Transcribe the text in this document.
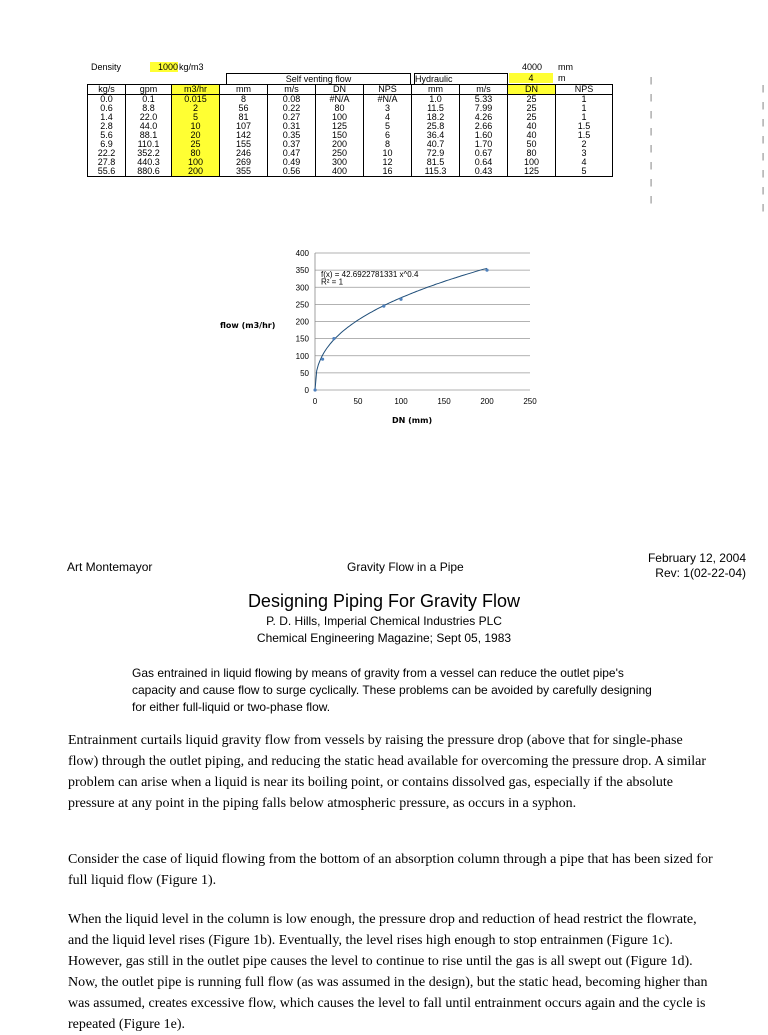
Density	1000 kg/m3	4000 mm
4	m
Self venting flow	Hydraulic
kg/s	gpm	m3/hr	mm	m/s	DN	NPS	mm	m/s	DN	NPS
0.0	0.1	0.015	8	0.08	#N/A	#N/A	1.0	5.33	25	1
0.6	8.8	2	56	0.22	80	3	11.5	7.99	25	1
1.4	22.0	5	81	0.27	100	4	18.2	4.26	25	1
2.8	44.0	10	107	0.31	125	5	25.8	2.66	40	1.5
5.6	88.1	20	142	0.35	150	6	36.4	1.60	40	1.5
6.9	110.1	25	155	0.37	200	8	40.7	1.70	50	2
22.2	352.2	80	246	0.47	250	10	72.9	0.67	80	3
27.8	440.3	100	269	0.49	300	12	81.5	0.64	100	4
55.6	880.6	200	355	0.56	400	16	115.3	0.43	125	5
|
|
|
|
|
|
|
|
|
|
|
|
|
|
|
|
flow (m3/hr)
DN (mm)
0
50
100
150
200
250
300
350
400
0	50	100	150	200	250
f(x) = 42.6922781331 x^0.4
R² = 1
Art Montemayor	Gravity Flow in a Pipe
February 12, 2004
Rev: 1(02-22-04)
Designing Piping For Gravity Flow
P. D. Hills, Imperial Chemical Industries PLC
Chemical Engineering Magazine; Sept 05, 1983
Gas entrained in liquid flowing by means of gravity from a vessel can reduce the outlet pipe's capacity and cause flow to surge cyclically. These problems can be avoided by carefully designing for either full-liquid or two-phase flow.
Entrainment curtails liquid gravity flow from vessels by raising the pressure drop (above that for single-phase flow) through the outlet piping, and reducing the static head available for overcoming the pressure drop. A similar problem can arise when a liquid is near its boiling point, or contains dissolved gas, especially if the absolute pressure at any point in the piping falls below atmospheric pressure, as occurs in a syphon.
Consider the case of liquid flowing from the bottom of an absorption column through a pipe that has been sized for full liquid flow (Figure 1).
When the liquid level in the column is low enough, the pressure drop and reduction of head restrict the flowrate, and the liquid level rises (Figure 1b). Eventually, the level rises high enough to stop entrainmen (Figure 1c). However, gas still in the outlet pipe causes the level to continue to rise until the gas is all swept out (Figure 1d). Now, the outlet pipe is running full flow (as was assumed in the design), but the static head, becoming higher than was assumed, creates excessive flow, which causes the level to fall until entrainment occurs again and the cycle is repeated (Figure 1e).
